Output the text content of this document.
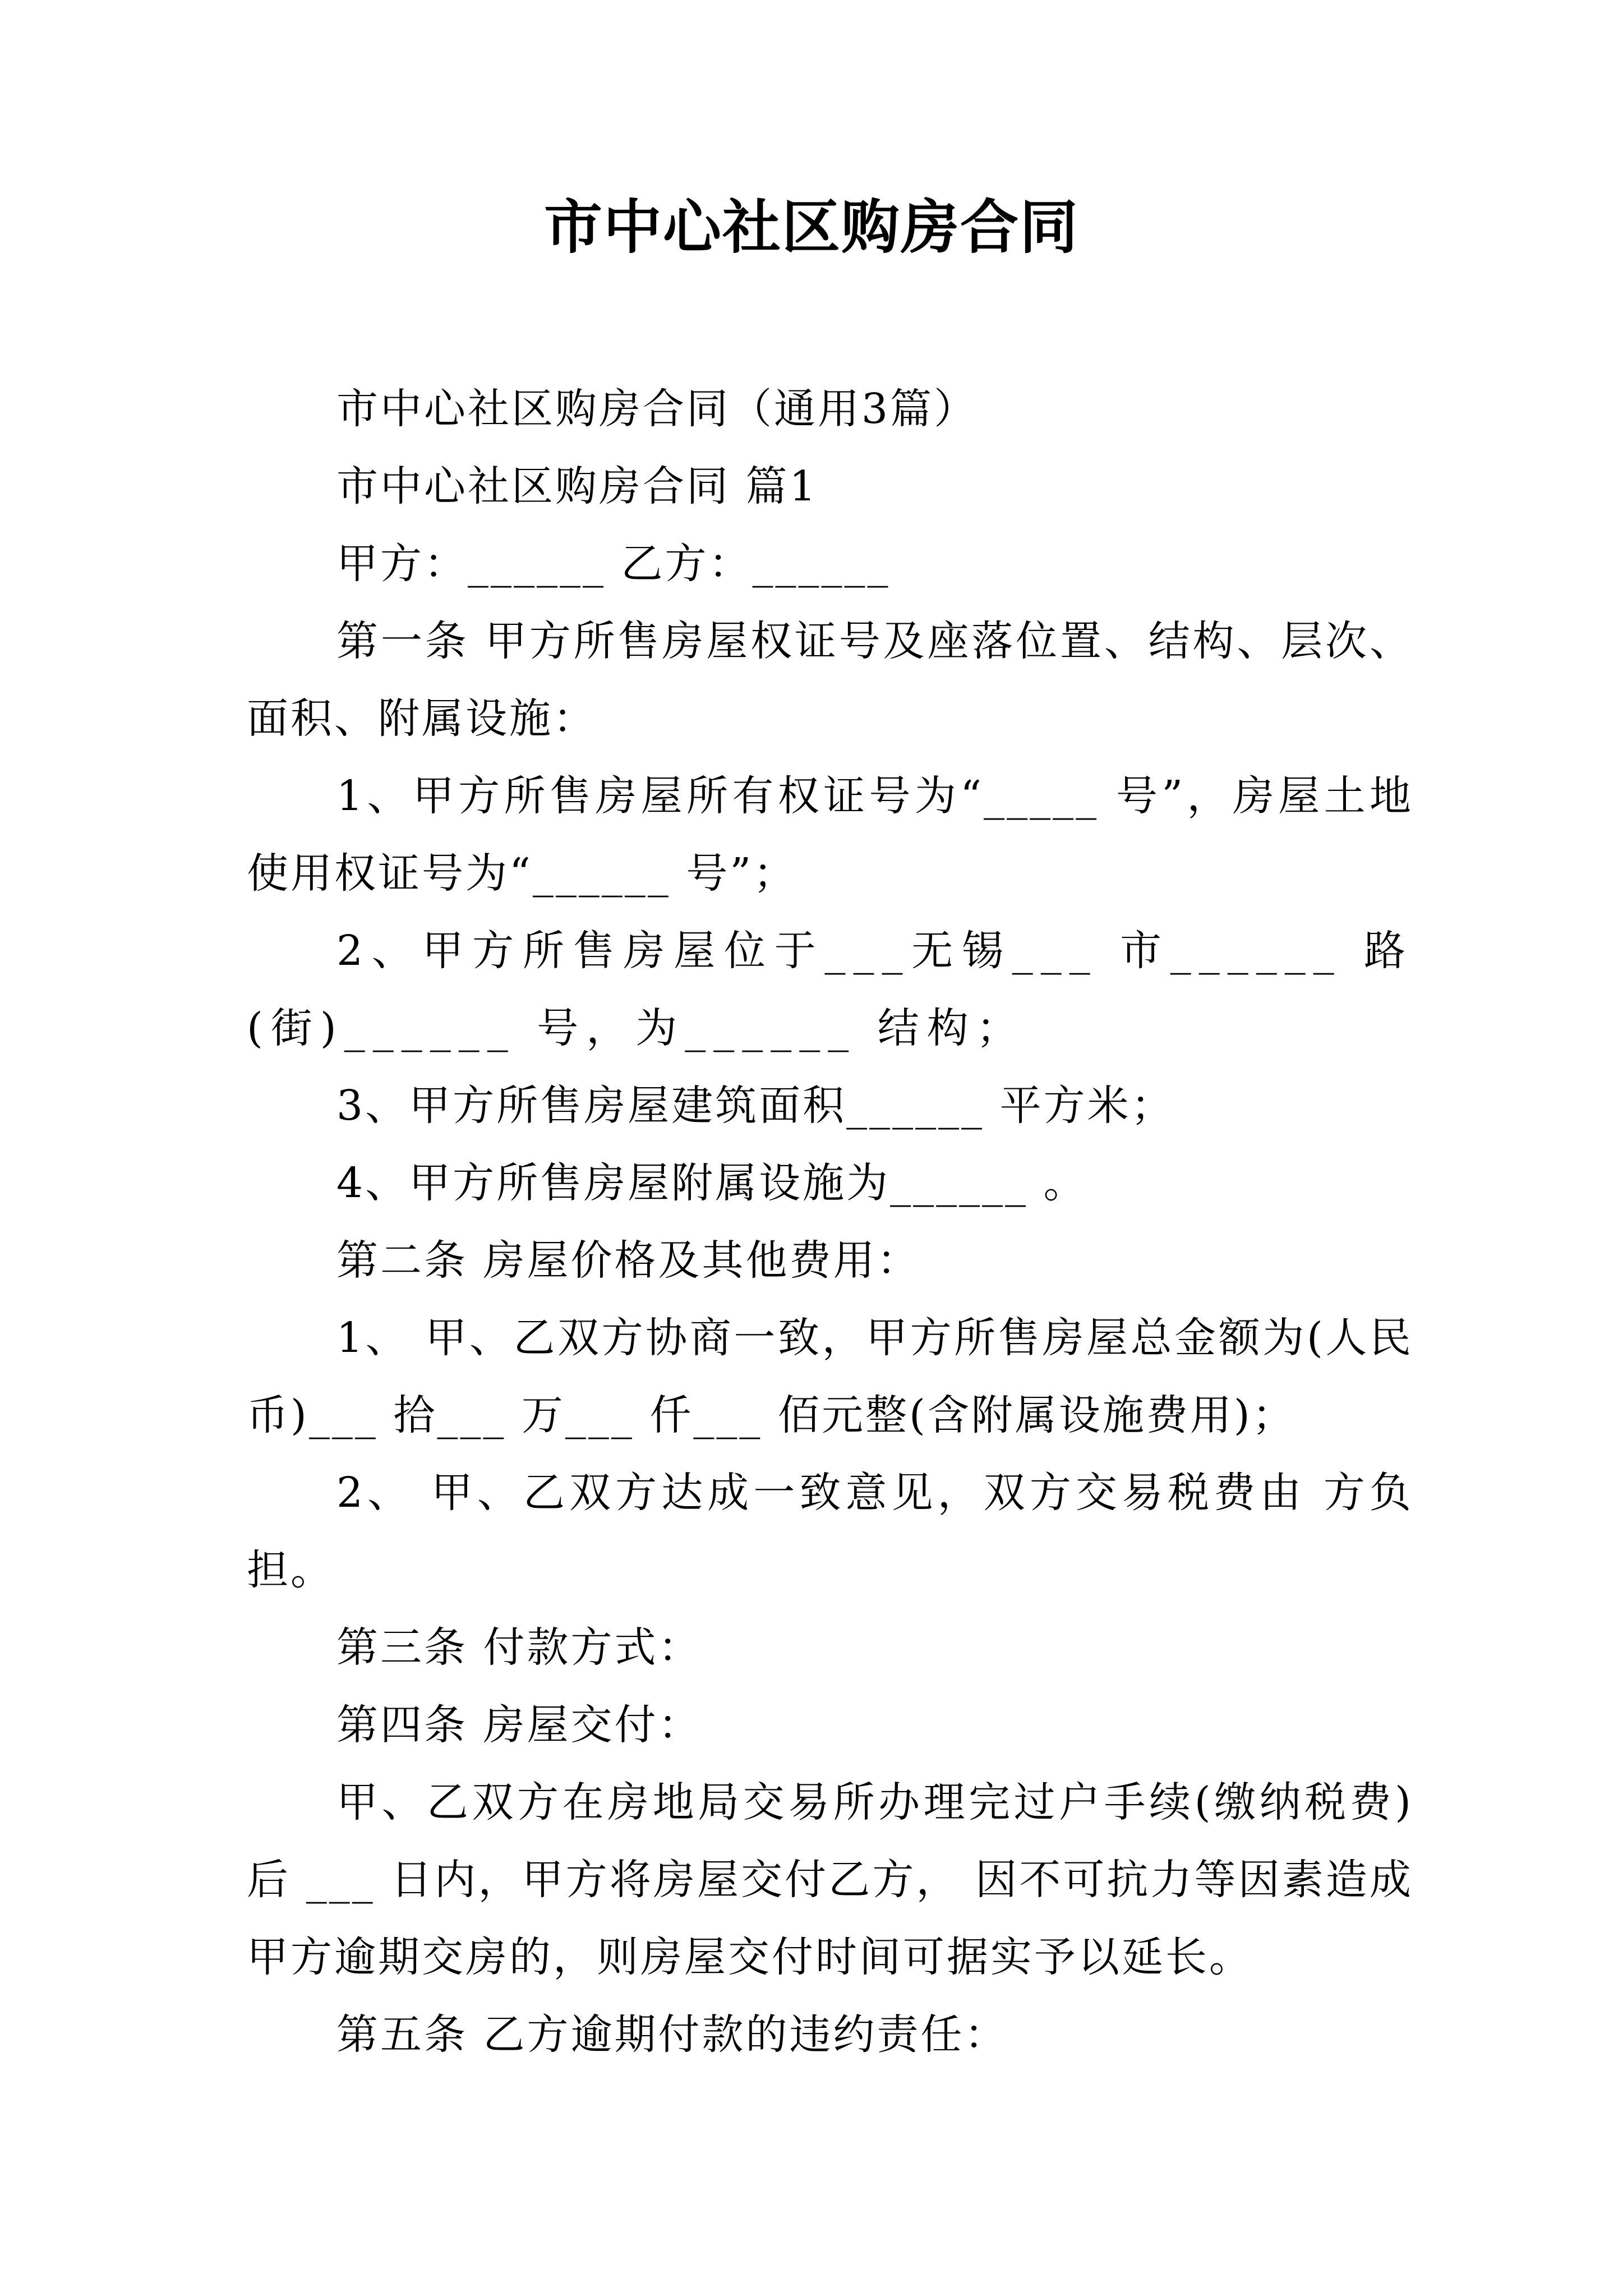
市中心社区购房合同

市中心社区购房合同（通用3篇）

市中心社区购房合同 篇1

甲方：______ 乙方：______

第一条 甲方所售房屋权证号及座落位置、结构、层次、面积、附属设施：

1、甲方所售房屋所有权证号为“_____ 号”，房屋土地使用权证号为“______ 号”；

2、甲方所售房屋位于___无锡___ 市______ 路(街)______ 号，为______ 结构；

3、甲方所售房屋建筑面积______ 平方米；

4、甲方所售房屋附属设施为______ 。

第二条 房屋价格及其他费用：

1、 甲、乙双方协商一致，甲方所售房屋总金额为(人民币)___ 拾___ 万___ 仟___ 佰元整(含附属设施费用)；

2、 甲、乙双方达成一致意见，双方交易税费由 方负担。

第三条 付款方式：

第四条 房屋交付：

甲、乙双方在房地局交易所办理完过户手续(缴纳税费)后 ___ 日内，甲方将房屋交付乙方， 因不可抗力等因素造成甲方逾期交房的，则房屋交付时间可据实予以延长。

第五条 乙方逾期付款的违约责任：
